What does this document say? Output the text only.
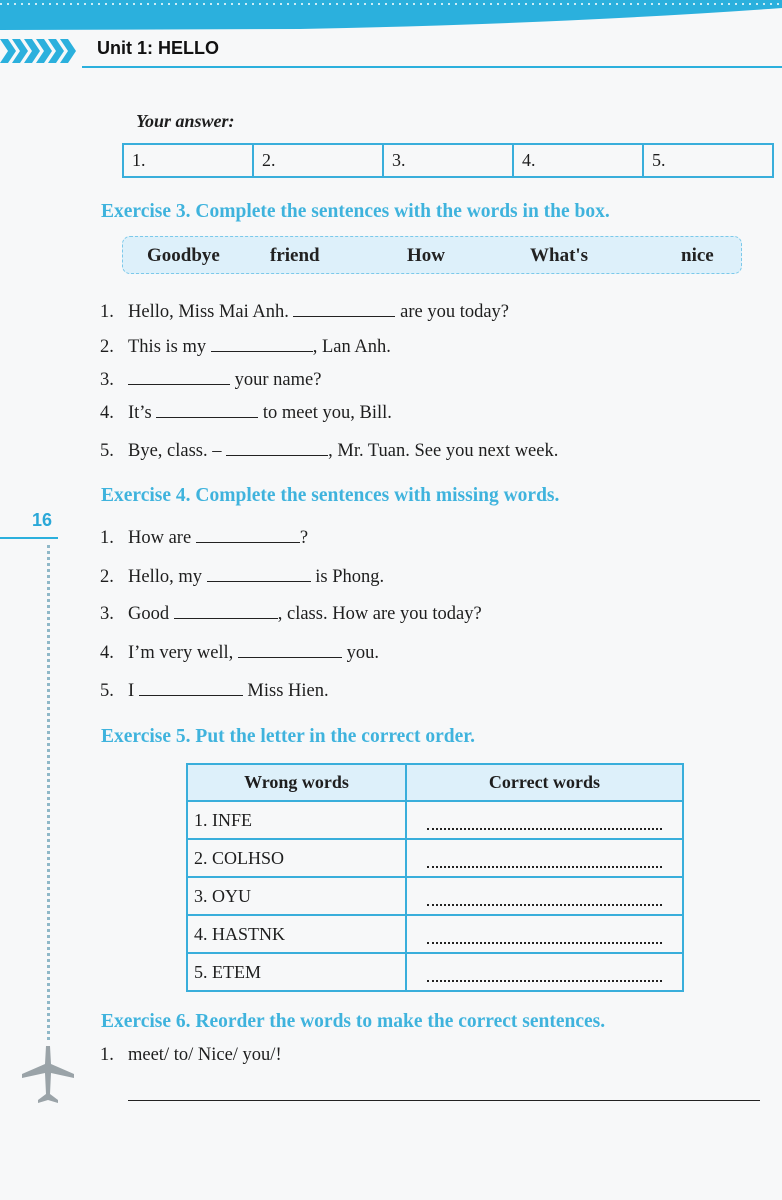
Unit 1: HELLO
Your answer:
1.	2.	3.	4.	5.
Exercise 3. Complete the sentences with the words in the box.
Goodbye	friend	How	What's	nice
1. Hello, Miss Mai Anh.	are you today?
2. This is my	, Lan Anh.
3.	your name?
4. It’s	to meet you, Bill.
5. Bye, class. –	, Mr. Tuan. See you next week.
Exercise 4. Complete the sentences with missing words.
1. How are	?
2. Hello, my	is Phong.
3. Good	, class. How are you today?
4. I’m very well,	you.
5. I	Miss Hien.
Exercise 5. Put the letter in the correct order.
Wrong words	Correct words
1. INFE	

2. COLHSO	

3. OYU	

4. HASTNK	

5. ETEM	
Exercise 6. Reorder the words to make the correct sentences.
1. meet/ to/ Nice/ you/!
16
